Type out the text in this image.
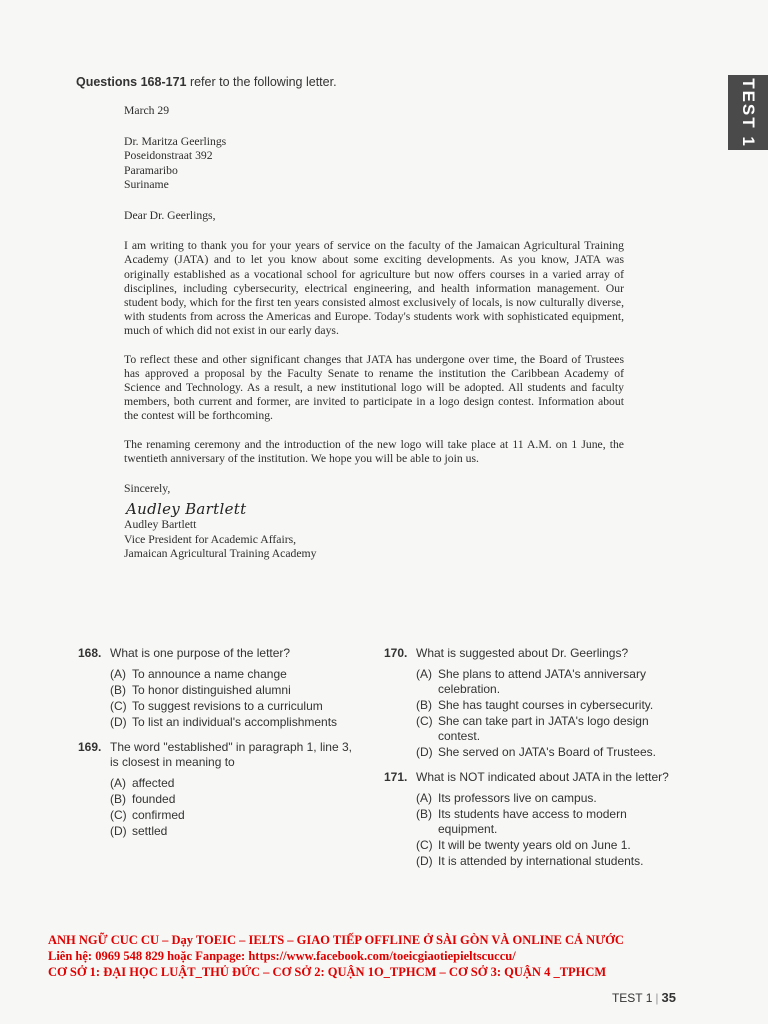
Questions 168-171 refer to the following letter.	TEST 1
March 29
Dr. Maritza Geerlings
Poseidonstraat 392
Paramaribo
Suriname
Dear Dr. Geerlings,

I am writing to thank you for your years of service on the faculty of the Jamaican Agricultural Training Academy (JATA) and to let you know about some exciting developments. As you know, JATA was originally established as a vocational school for agriculture but now offers courses in a varied array of disciplines, including cybersecurity, electrical engineering, and health information management. Our student body, which for the first ten years consisted almost exclusively of locals, is now culturally diverse, with students from across the Americas and Europe. Today's students work with sophisticated equipment, much of which did not exist in our early days.

To reflect these and other significant changes that JATA has undergone over time, the Board of Trustees has approved a proposal by the Faculty Senate to rename the institution the Caribbean Academy of Science and Technology. As a result, a new institutional logo will be adopted. All students and faculty members, both current and former, are invited to participate in a logo design contest. Information about the contest will be forthcoming.

The renaming ceremony and the introduction of the new logo will take place at 11 A.M. on 1 June, the twentieth anniversary of the institution. We hope you will be able to join us.

Sincerely,
Audley Bartlett
Audley Bartlett
Vice President for Academic Affairs,
Jamaican Agricultural Training Academy
168. What is one purpose of the letter?
(A) To announce a name change
(B) To honor distinguished alumni
(C) To suggest revisions to a curriculum
(D) To list an individual's accomplishments
169. The word "established" in paragraph 1, line 3, is closest in meaning to
(A) affected
(B) founded
(C) confirmed
(D) settled
170. What is suggested about Dr. Geerlings?
(A) She plans to attend JATA's anniversary celebration.
(B) She has taught courses in cybersecurity.
(C) She can take part in JATA's logo design contest.
(D) She served on JATA's Board of Trustees.
171. What is NOT indicated about JATA in the letter?
(A) Its professors live on campus.
(B) Its students have access to modern equipment.
(C) It will be twenty years old on June 1.
(D) It is attended by international students.
ANH NGỮ CUC CU – Dạy TOEIC – IELTS – GIAO TIẾP OFFLINE Ở SÀI GÒN VÀ ONLINE CẢ NƯỚC
Liên hệ: 0969 548 829 hoặc Fanpage: https://www.facebook.com/toeicgiaotiepieltscuccu/
CƠ SỞ 1: ĐẠI HỌC LUẬT_THỦ ĐỨC – CƠ SỞ 2: QUẬN 1O_TPHCM – CƠ SỞ 3: QUẬN 4 _TPHCM
TEST 1 | 35
